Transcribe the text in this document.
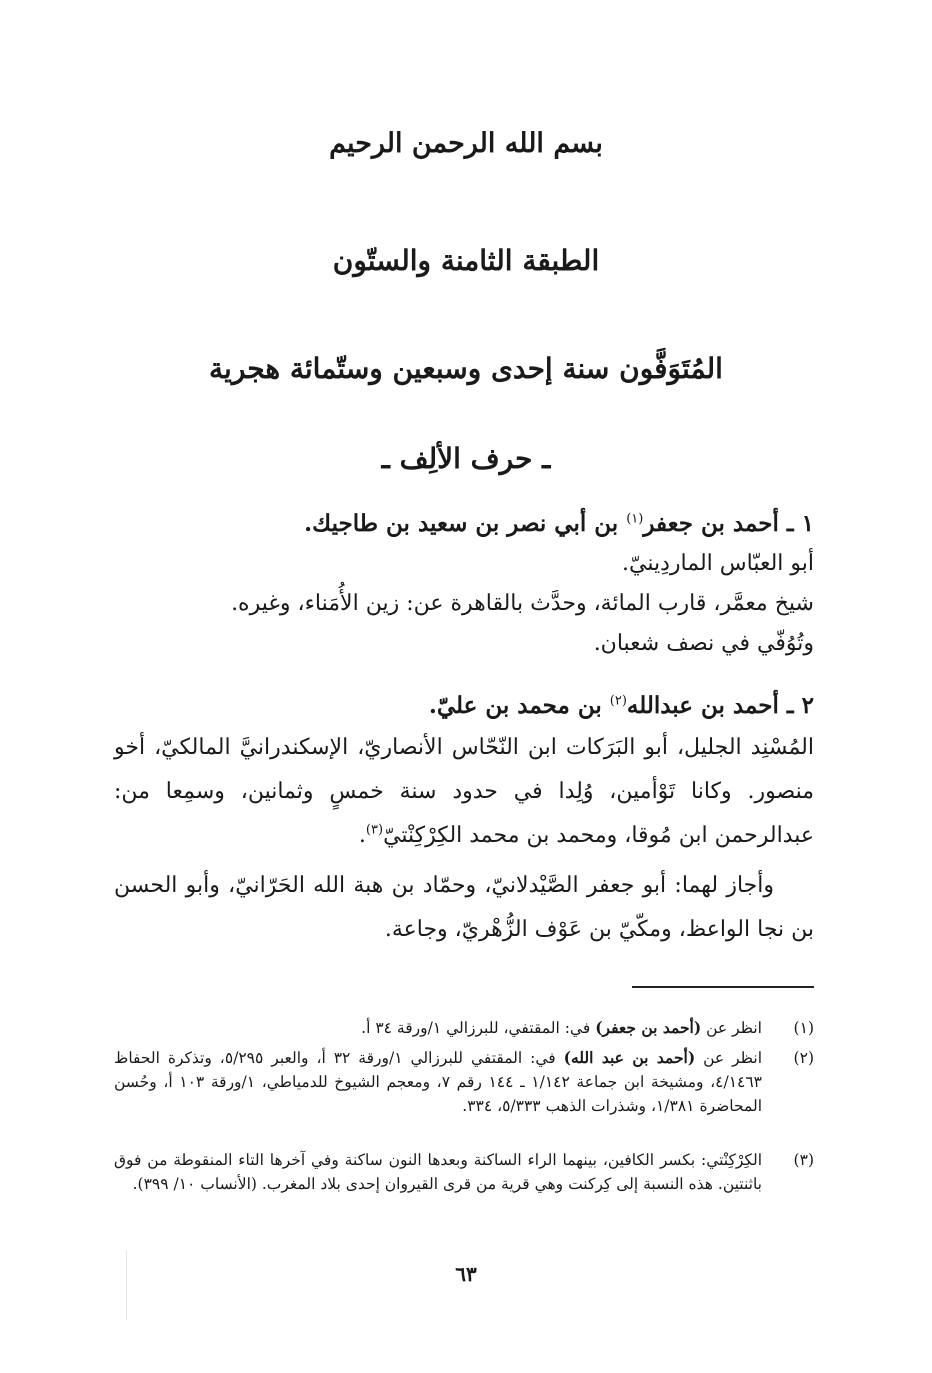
بسم الله الرحمن الرحيم
الطبقة الثامنة والستّون
المُتَوَفَّون سنة إحدى وسبعين وستّمائة هجرية
ـ حرف الألِف ـ
١ ـ أحمد بن جعفر$^{(١)}$ بن أبي نصر بن سعيد بن طاجيك.
أبو العبّاس الماردِينيّ.
شيخ معمَّر، قارب المائة، وحدَّث بالقاهرة عن: زين الأُمَناء، وغيره.
وتُوُفّي في نصف شعبان.
٢ ـ أحمد بن عبدالله$^{(٢)}$ بن محمد بن عليّ.
المُسْنِد الجليل، أبو البَرَكات ابن النّحّاس الأنصاريّ، الإسكندرانيَّ المالكيّ، أخو منصور. وكانا تَوْأمين، وُلِدا في حدود سنة خمسٍ وثمانين، وسمِعا من: عبدالرحمن ابن مُوقا، ومحمد بن محمد الكِرْكِنْتيّ$^{(٣)}$.
وأجاز لهما: أبو جعفر الصَّيْدلانيّ، وحمّاد بن هبة الله الحَرّانيّ، وأبو الحسن بن نجا الواعظ، ومكّيّ بن عَوْف الزُّهْريّ، وجاعة.
(١)
انظر عن (أحمد بن جعفر) في: المقتفي، للبرزالي ١/ورقة ٣٤ أ.
(٢)
انظر عن (أحمد بن عبد الله) في: المقتفي للبرزالي ١/ورقة ٣٢ أ، والعبر ٥/٢٩٥، وتذكرة الحفاظ ٤/١٤٦٣، ومشيخة ابن جماعة ١/١٤٢ ـ ١٤٤ رقم ٧، ومعجم الشيوخ للدمياطي، ١/ورقة ١٠٣ أ، وحُسن المحاضرة ١/٣٨١، وشذرات الذهب ٥/٣٣٣، ٣٣٤.
(٣)
الكِرْكِنْتي: بكسر الكافين، بينهما الراء الساكنة وبعدها النون ساكنة وفي آخرها التاء المنقوطة من فوق باثنتين. هذه النسبة إلى كِركنت وهي قرية من قرى القيروان إحدى بلاد المغرب. (الأنساب ١٠/ ٣٩٩).
٦٣
